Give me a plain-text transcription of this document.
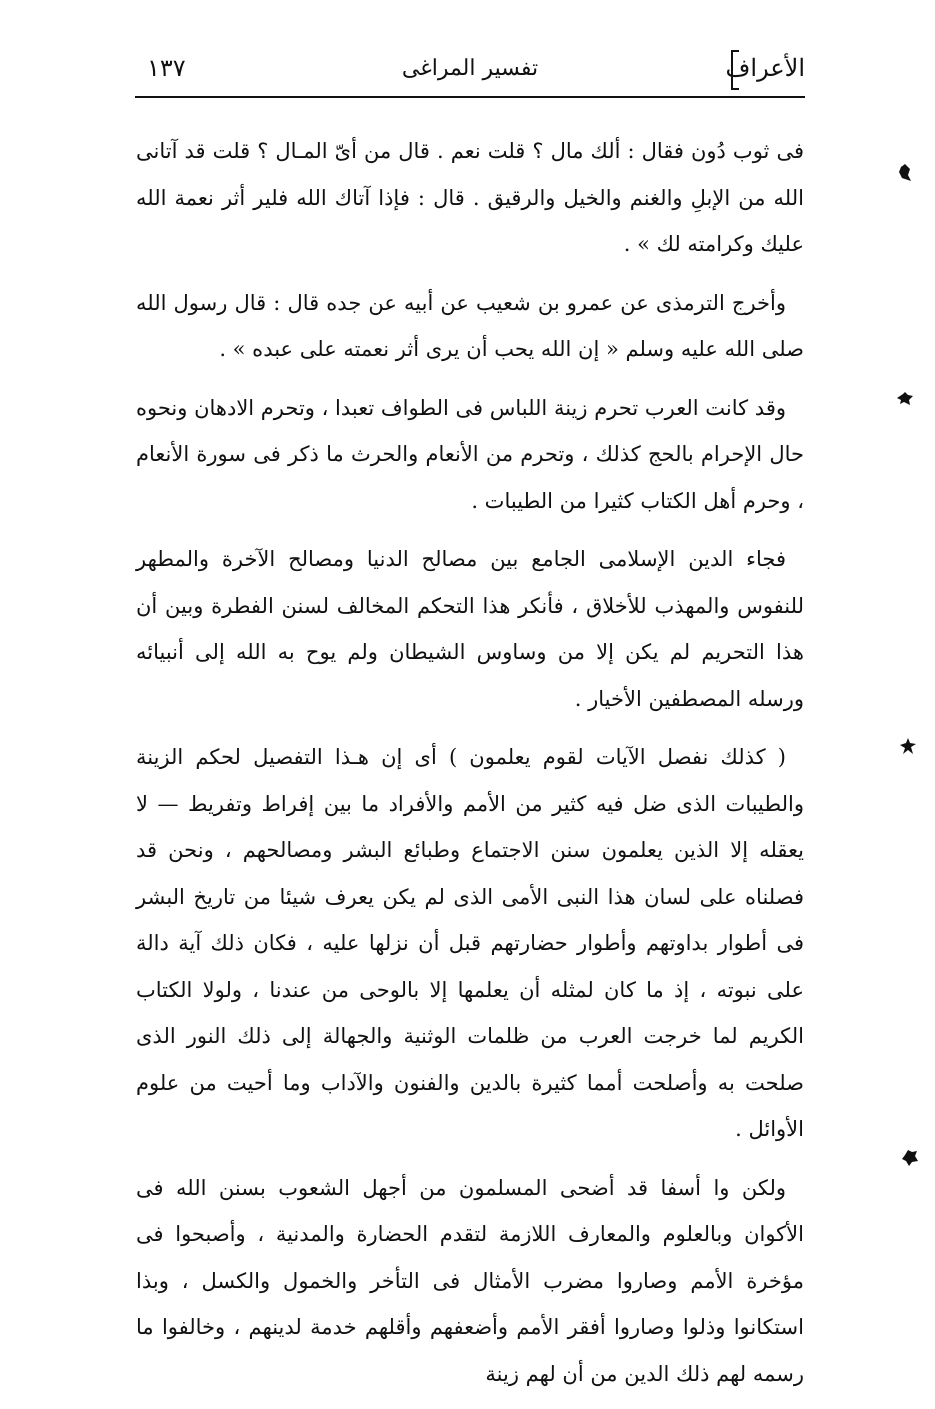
الأعراف
تفسير المراغى
١٣٧

فى ثوب دُون فقال : ألك مال ؟ قلت نعم . قال من أىّ المـال ؟ قلت قد آتانى الله من الإبلِ والغنم والخيل والرقيق . قال : فإذا آتاك الله فلير أثر نعمة الله عليك وكرامته لك » .

وأخرج الترمذى عن عمرو بن شعيب عن أبيه عن جده قال : قال رسول الله صلى الله عليه وسلم « إن الله يحب أن يرى أثر نعمته على عبده » .

وقد كانت العرب تحرم زينة اللباس فى الطواف تعبدا ، وتحرم الادهان ونحوه حال الإحرام بالحج كذلك ، وتحرم من الأنعام والحرث ما ذكر فى سورة الأنعام ، وحرم أهل الكتاب كثيرا من الطيبات .

فجاء الدين الإسلامى الجامع بين مصالح الدنيا ومصالح الآخرة والمطهر للنفوس والمهذب للأخلاق ، فأنكر هذا التحكم المخالف لسنن الفطرة وبين أن هذا التحريم لم يكن إلا من وساوس الشيطان ولم يوح به الله إلى أنبيائه ورسله المصطفين الأخيار .

( كذلك نفصل الآيات لقوم يعلمون ) أى إن هـذا التفصيل لحكم الزينة والطيبات الذى ضل فيه كثير من الأمم والأفراد ما بين إفراط وتفريط — لا يعقله إلا الذين يعلمون سنن الاجتماع وطبائع البشر ومصالحهم ، ونحن قد فصلناه على لسان هذا النبى الأمى الذى لم يكن يعرف شيئا من تاريخ البشر فى أطوار بداوتهم وأطوار حضارتهم قبل أن نزلها عليه ، فكان ذلك آية دالة على نبوته ، إذ ما كان لمثله أن يعلمها إلا بالوحى من عندنا ، ولولا الكتاب الكريم لما خرجت العرب من ظلمات الوثنية والجهالة إلى ذلك النور الذى صلحت به وأصلحت أمما كثيرة بالدين والفنون والآداب وما أحيت من علوم الأوائل .

ولكن وا أسفا قد أضحى المسلمون من أجهل الشعوب بسنن الله فى الأكوان وبالعلوم والمعارف اللازمة لتقدم الحضارة والمدنية ، وأصبحوا فى مؤخرة الأمم وصاروا مضرب الأمثال فى التأخر والخمول والكسل ، وبذا استكانوا وذلوا وصاروا أفقر الأمم وأضعفهم وأقلهم خدمة لدينهم ، وخالفوا ما رسمه لهم ذلك الدين من أن لهم زينة
